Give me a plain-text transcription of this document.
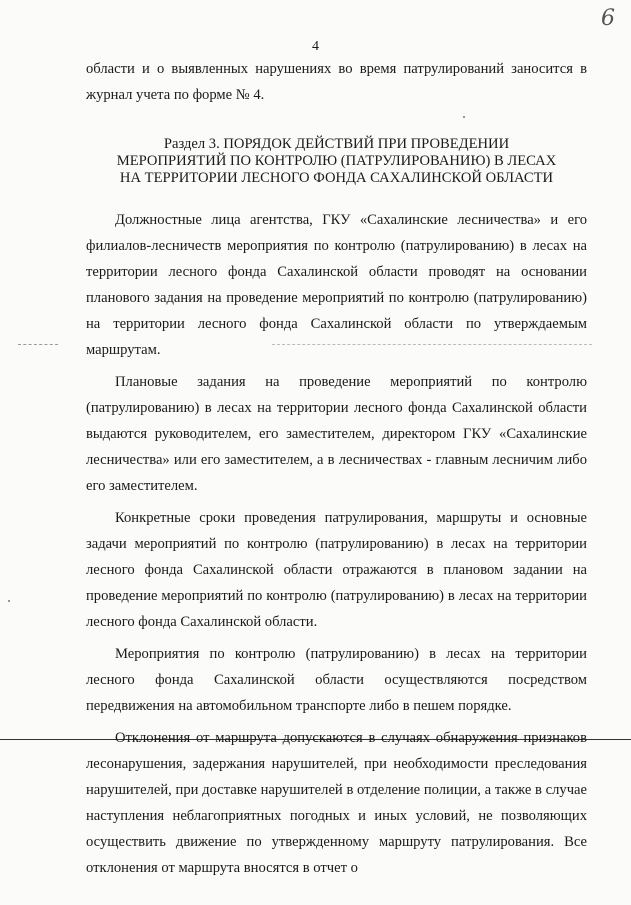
6
4

области и о выявленных нарушениях во время патрулирований заносится в журнал учета по форме № 4.

Раздел 3. ПОРЯДОК ДЕЙСТВИЙ ПРИ ПРОВЕДЕНИИ
МЕРОПРИЯТИЙ ПО КОНТРОЛЮ (ПАТРУЛИРОВАНИЮ) В ЛЕСАХ
НА ТЕРРИТОРИИ ЛЕСНОГО ФОНДА САХАЛИНСКОЙ ОБЛАСТИ

Должностные лица агентства, ГКУ «Сахалинские лесничества» и его филиалов-лесничеств мероприятия по контролю (патрулированию) в лесах на территории лесного фонда Сахалинской области проводят на основании планового задания на проведение мероприятий по контролю (патрулированию) на территории лесного фонда Сахалинской области по утверждаемым маршрутам.

Плановые задания на проведение мероприятий по контролю (патрулированию) в лесах на территории лесного фонда Сахалинской области выдаются руководителем, его заместителем, директором ГКУ «Сахалинские лесничества» или его заместителем, а в лесничествах - главным лесничим либо его заместителем.

Конкретные сроки проведения патрулирования, маршруты и основные задачи мероприятий по контролю (патрулированию) в лесах на территории лесного фонда Сахалинской области отражаются в плановом задании на проведение мероприятий по контролю (патрулированию) в лесах на территории лесного фонда Сахалинской области.

Мероприятия по контролю (патрулированию) в лесах на территории лесного фонда Сахалинской области осуществляются посредством передвижения на автомобильном транспорте либо в пешем порядке.

Отклонения от маршрута допускаются в случаях обнаружения признаков лесонарушения, задержания нарушителей, при необходимости преследования нарушителей, при доставке нарушителей в отделение полиции, а также в случае наступления неблагоприятных погодных и иных условий, не позволяющих осуществить движение по утвержденному маршруту патрулирования. Все отклонения от маршрута вносятся в отчет о
